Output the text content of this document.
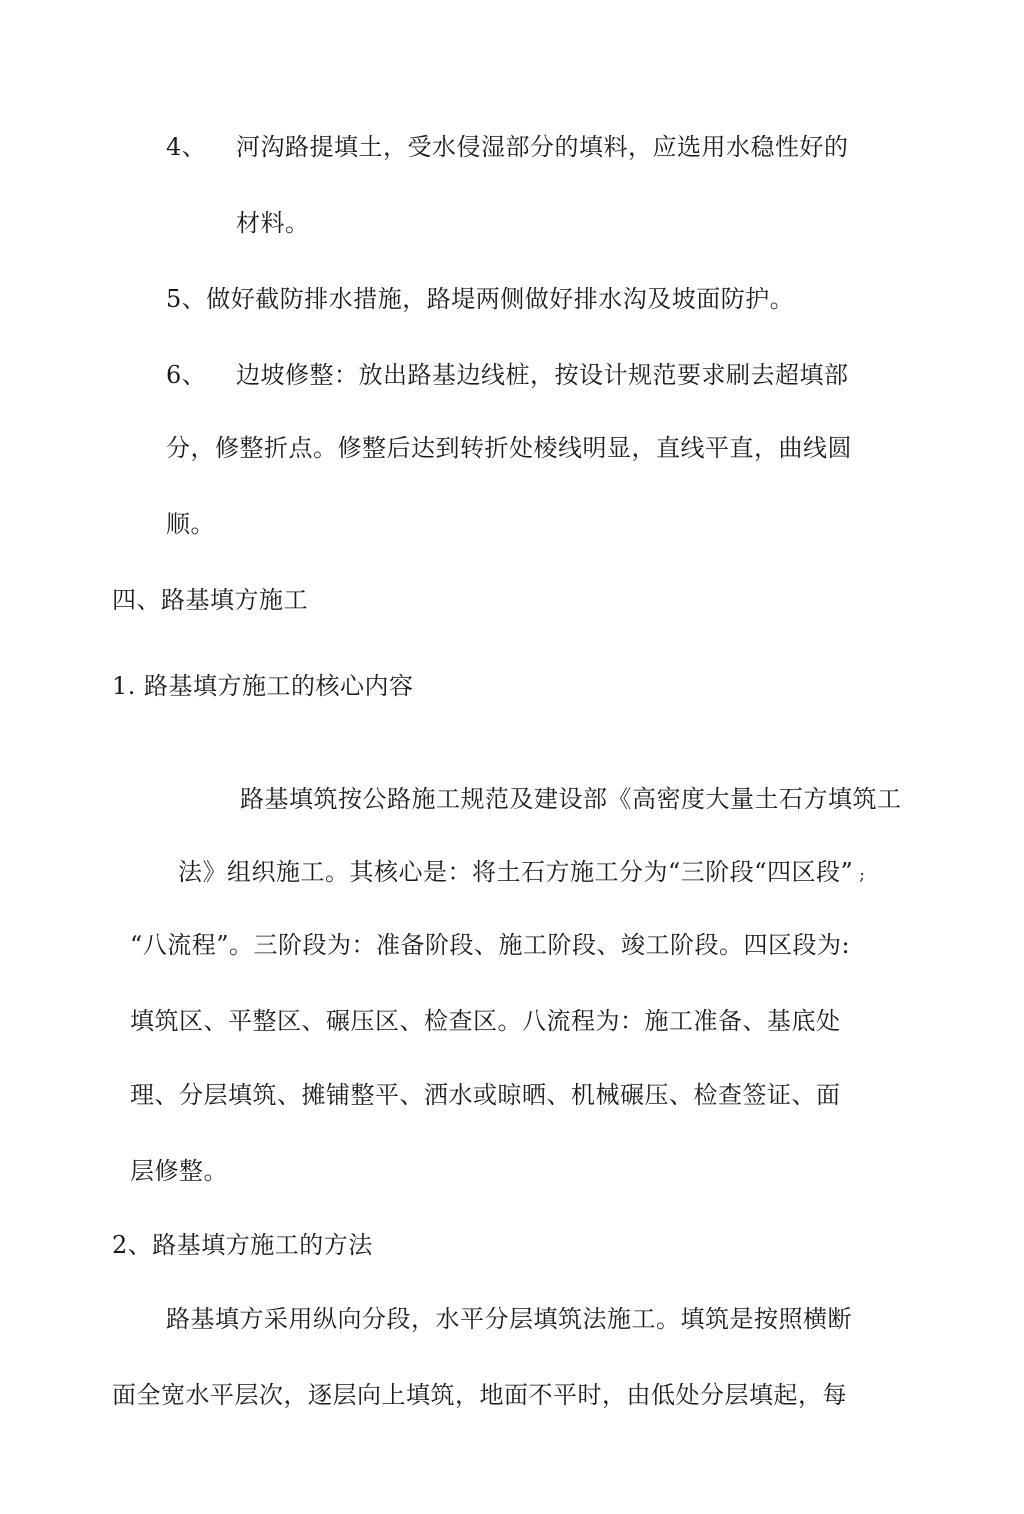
4、 河沟路提填土，受水侵湿部分的填料，应选用水稳性好的
材料。
5、做好截防排水措施，路堤两侧做好排水沟及坡面防护。
6、 边坡修整：放出路基边线桩，按设计规范要求刷去超填部
分，修整折点。修整后达到转折处棱线明显，直线平直，曲线圆
顺。
四、路基填方施工
1. 路基填方施工的核心内容
路基填筑按公路施工规范及建设部《高密度大量土石方填筑工
法》组织施工。其核心是：将土石方施工分为“三阶段“四区段” ;
“八流程”。三阶段为：准备阶段、施工阶段、竣工阶段。四区段为:
填筑区、平整区、碾压区、检查区。八流程为：施工准备、基底处
理、分层填筑、摊铺整平、洒水或晾晒、机械碾压、检查签证、面
层修整。
2、路基填方施工的方法
路基填方采用纵向分段，水平分层填筑法施工。填筑是按照横断
面全宽水平层次，逐层向上填筑，地面不平时，由低处分层填起，每
